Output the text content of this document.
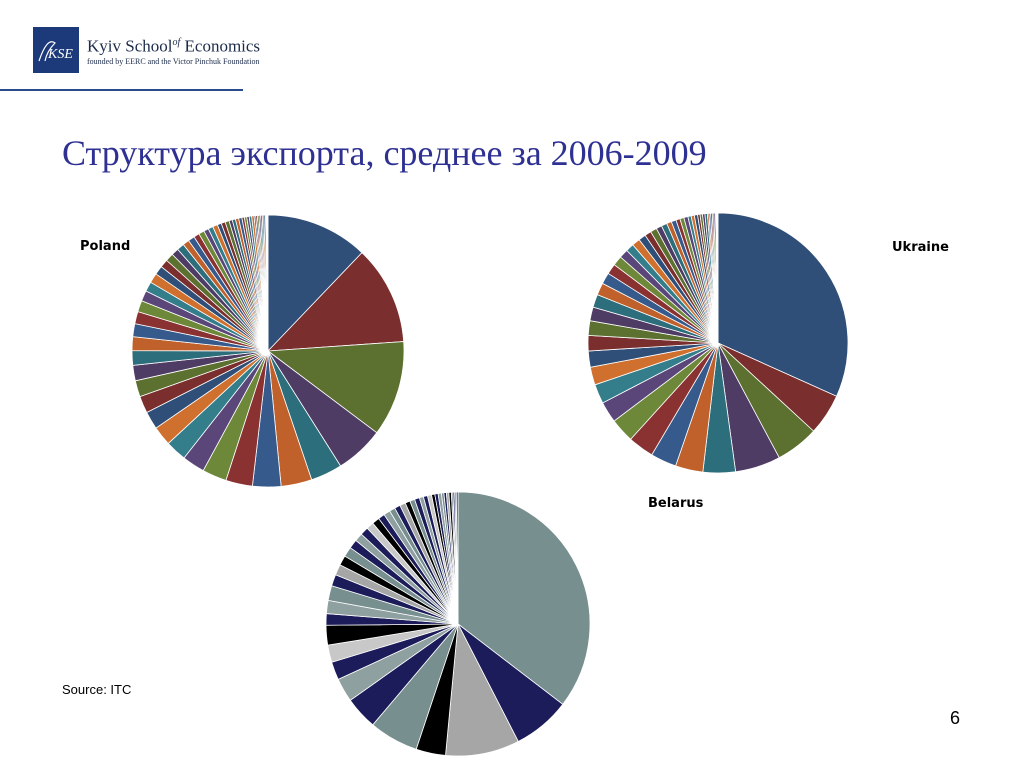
KSE Kyiv School$^{of}$ Economics
founded by EERC and the Victor Pinchuk Foundation
Структура экспорта, среднее за 2006-2009
Poland	Ukraine
Belarus
Source: ITC
6
